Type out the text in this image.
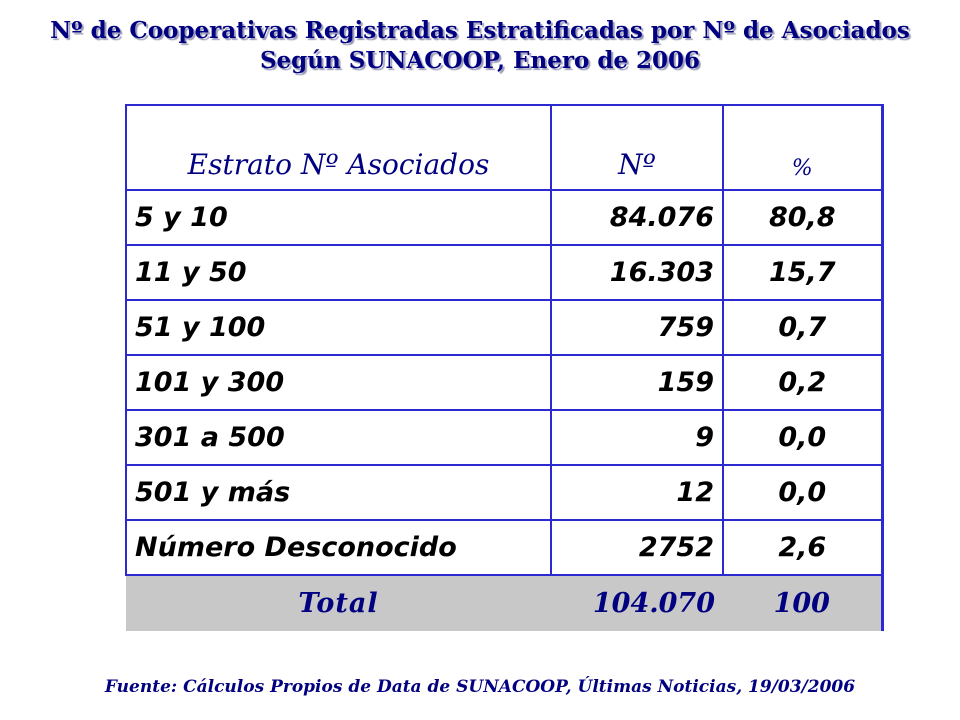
Nº de Cooperativas Registradas Estratificadas por Nº de Asociados
Según SUNACOOP, Enero de 2006
Estrato Nº Asociados	Nº	%
5 y 10	84.076	80,8
11 y 50	16.303	15,7
51 y 100	759	0,7
101 y 300	159	0,2
301 a 500	9	0,0
501 y más	12	0,0
Número Desconocido	2752	2,6
Total	104.070	100
Fuente: Cálculos Propios de Data de SUNACOOP, Últimas Noticias, 19/03/2006
